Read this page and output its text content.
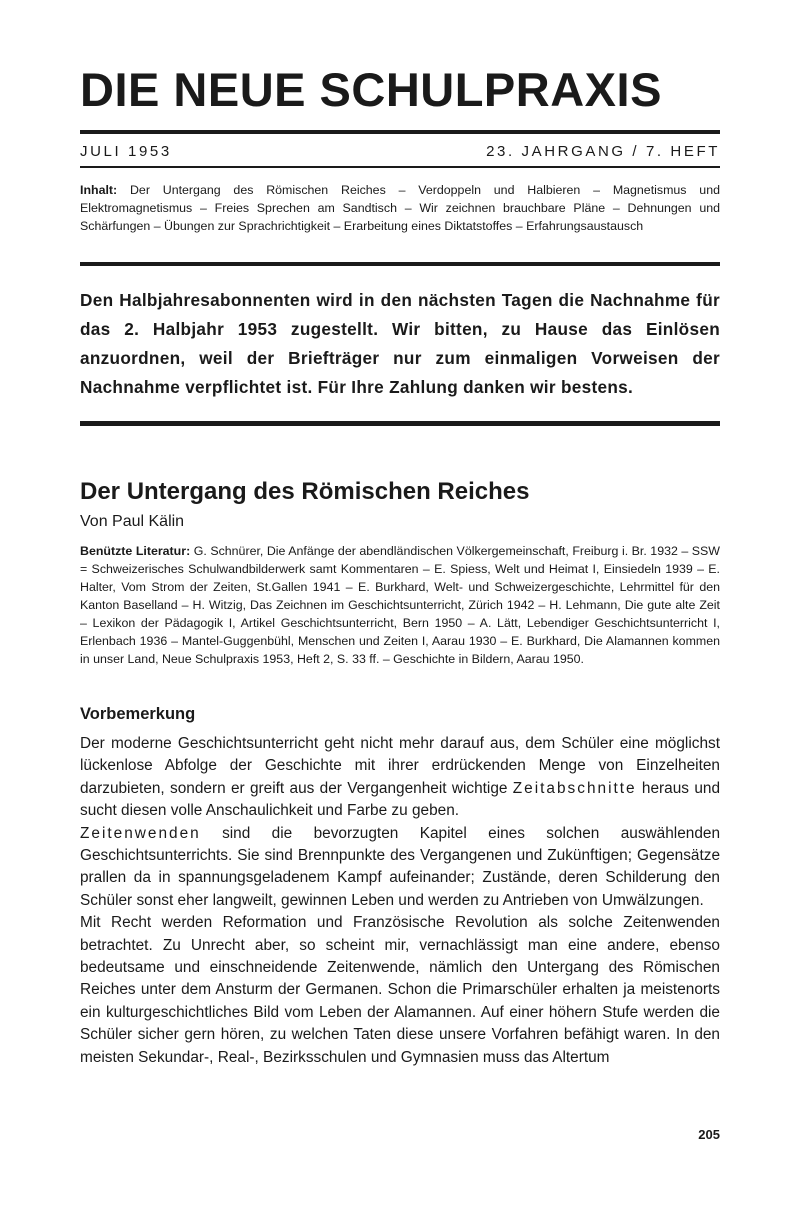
DIE NEUE SCHULPRAXIS
JULI 1953	23. JAHRGANG / 7. HEFT
Inhalt: Der Untergang des Römischen Reiches – Verdoppeln und Halbieren – Magnetismus und Elektromagnetismus – Freies Sprechen am Sandtisch – Wir zeichnen brauchbare Pläne – Dehnungen und Schärfungen – Übungen zur Sprachrichtigkeit – Erarbeitung eines Diktatstoffes – Erfahrungsaustausch
Den Halbjahresabonnenten wird in den nächsten Tagen die Nachnahme für das 2. Halbjahr 1953 zugestellt. Wir bitten, zu Hause das Einlösen anzuordnen, weil der Briefträger nur zum einmaligen Vorweisen der Nachnahme verpflichtet ist. Für Ihre Zahlung danken wir bestens.
Der Untergang des Römischen Reiches
Von Paul Kälin
Benützte Literatur: G. Schnürer, Die Anfänge der abendländischen Völkergemeinschaft, Freiburg i. Br. 1932 – SSW = Schweizerisches Schulwandbilderwerk samt Kommentaren – E. Spiess, Welt und Heimat I, Einsiedeln 1939 – E. Halter, Vom Strom der Zeiten, St.Gallen 1941 – E. Burkhard, Welt- und Schweizergeschichte, Lehrmittel für den Kanton Baselland – H. Witzig, Das Zeichnen im Geschichtsunterricht, Zürich 1942 – H. Lehmann, Die gute alte Zeit – Lexikon der Pädagogik I, Artikel Geschichtsunterricht, Bern 1950 – A. Lätt, Lebendiger Geschichtsunterricht I, Erlenbach 1936 – Mantel-Guggenbühl, Menschen und Zeiten I, Aarau 1930 – E. Burkhard, Die Alamannen kommen in unser Land, Neue Schulpraxis 1953, Heft 2, S. 33 ff. – Geschichte in Bildern, Aarau 1950.
Vorbemerkung

Der moderne Geschichtsunterricht geht nicht mehr darauf aus, dem Schüler eine möglichst lückenlose Abfolge der Geschichte mit ihrer erdrückenden Menge von Einzelheiten darzubieten, sondern er greift aus der Vergangenheit wichtige Zeitabschnitte heraus und sucht diesen volle Anschaulichkeit und Farbe zu geben.

Zeitenwenden sind die bevorzugten Kapitel eines solchen auswählenden Geschichtsunterrichts. Sie sind Brennpunkte des Vergangenen und Zukünftigen; Gegensätze prallen da in spannungsgeladenem Kampf aufeinander; Zustände, deren Schilderung den Schüler sonst eher langweilt, gewinnen Leben und werden zu Antrieben von Umwälzungen.

Mit Recht werden Reformation und Französische Revolution als solche Zeitenwenden betrachtet. Zu Unrecht aber, so scheint mir, vernachlässigt man eine andere, ebenso bedeutsame und einschneidende Zeitenwende, nämlich den Untergang des Römischen Reiches unter dem Ansturm der Germanen. Schon die Primarschüler erhalten ja meistenorts ein kulturgeschichtliches Bild vom Leben der Alamannen. Auf einer höhern Stufe werden die Schüler sicher gern hören, zu welchen Taten diese unsere Vorfahren befähigt waren. In den meisten Sekundar-, Real-, Bezirksschulen und Gymnasien muss das Altertum

205
